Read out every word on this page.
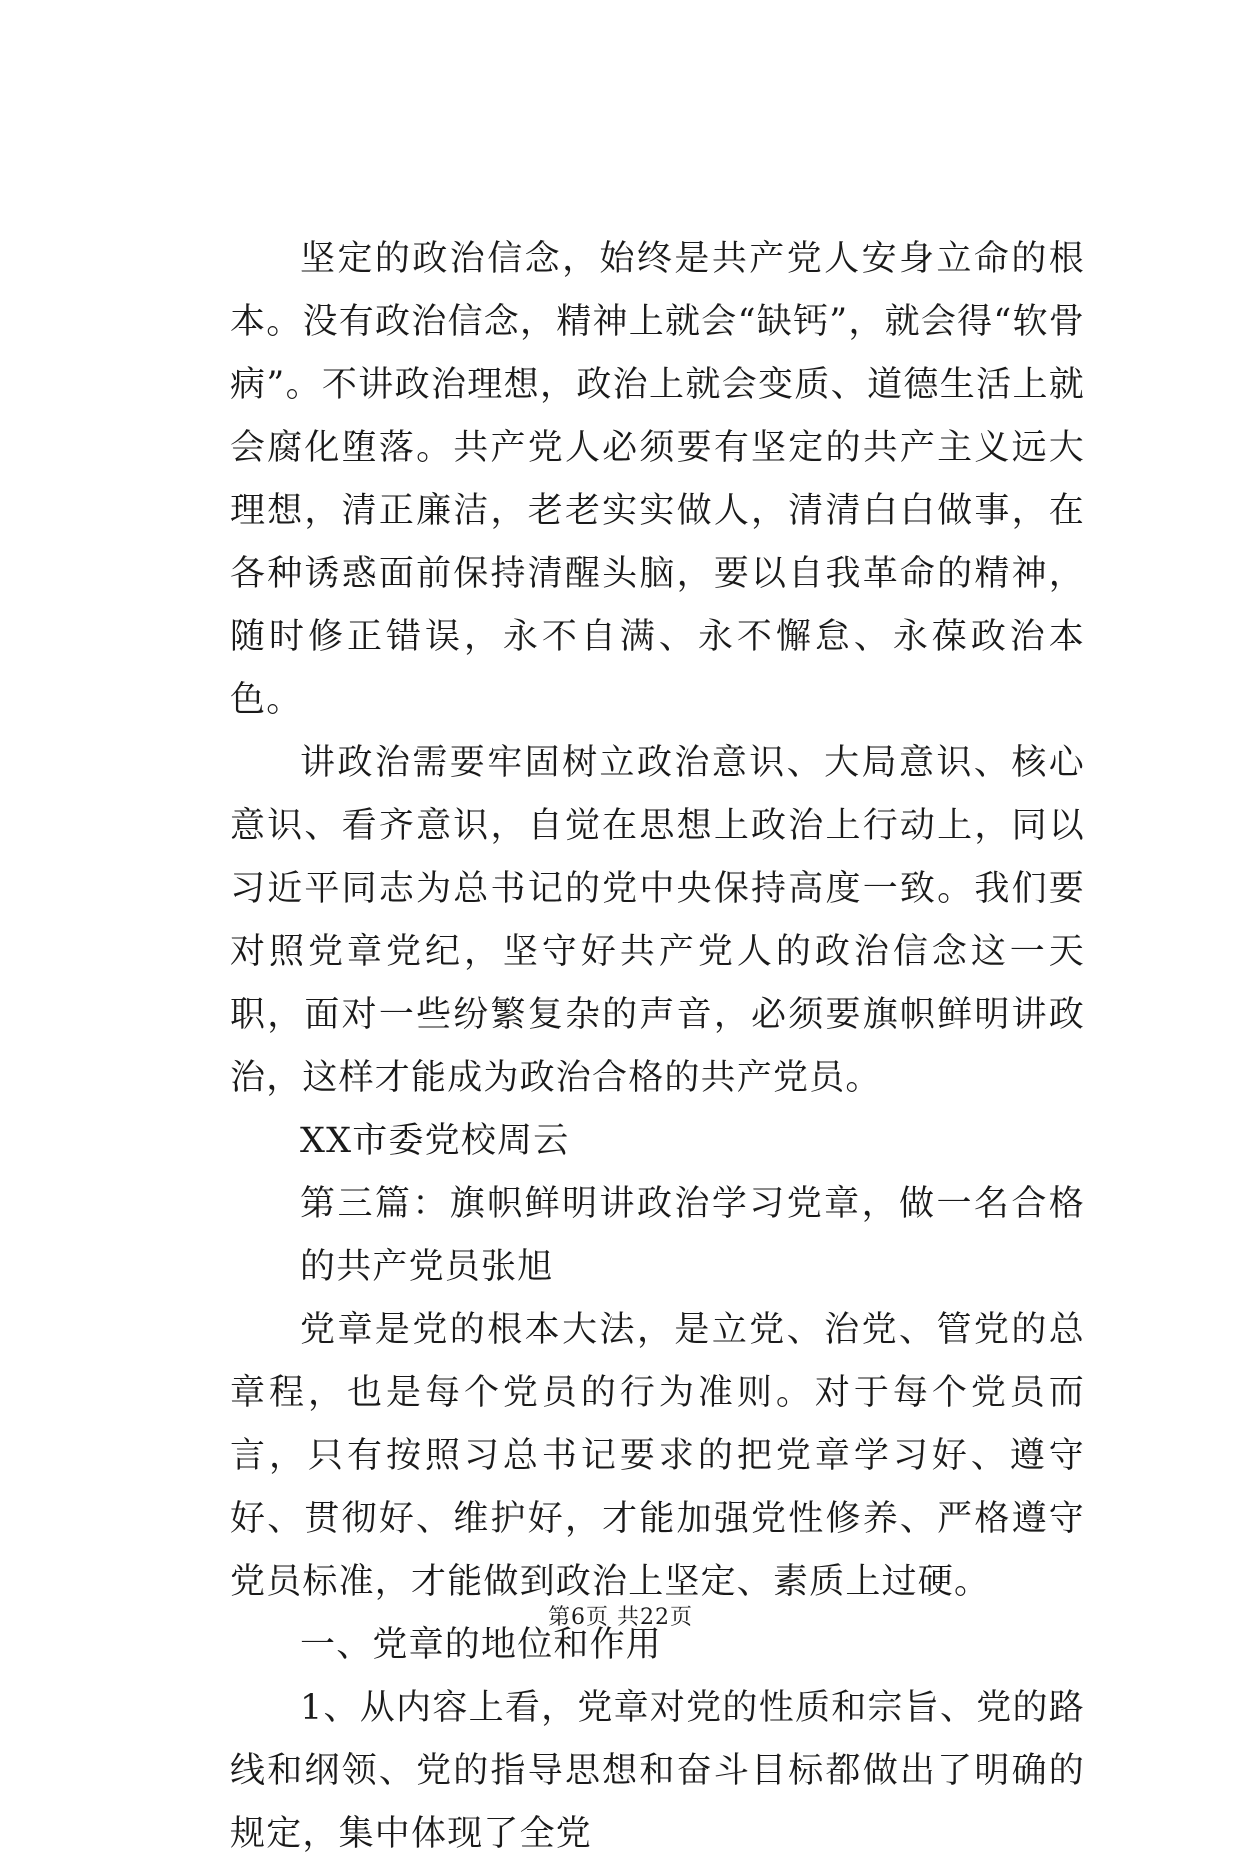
坚定的政治信念，始终是共产党人安身立命的根本。没有政治信念，精神上就会“缺钙”，就会得“软骨病”。不讲政治理想，政治上就会变质、道德生活上就会腐化堕落。共产党人必须要有坚定的共产主义远大理想，清正廉洁，老老实实做人，清清白白做事，在各种诱惑面前保持清醒头脑，要以自我革命的精神，随时修正错误，永不自满、永不懈怠、永葆政治本色。

讲政治需要牢固树立政治意识、大局意识、核心意识、看齐意识，自觉在思想上政治上行动上，同以习近平同志为总书记的党中央保持高度一致。我们要对照党章党纪，坚守好共产党人的政治信念这一天职，面对一些纷繁复杂的声音，必须要旗帜鲜明讲政治，这样才能成为政治合格的共产党员。

XX市委党校周云

第三篇：旗帜鲜明讲政治学习党章，做一名合格的共产党员张旭

党章是党的根本大法，是立党、治党、管党的总章程，也是每个党员的行为准则。对于每个党员而言，只有按照习总书记要求的把党章学习好、遵守好、贯彻好、维护好，才能加强党性修养、严格遵守党员标准，才能做到政治上坚定、素质上过硬。

一、党章的地位和作用

1、从内容上看，党章对党的性质和宗旨、党的路线和纲领、党的指导思想和奋斗目标都做出了明确的规定，集中体现了全党

第6页 共22页
